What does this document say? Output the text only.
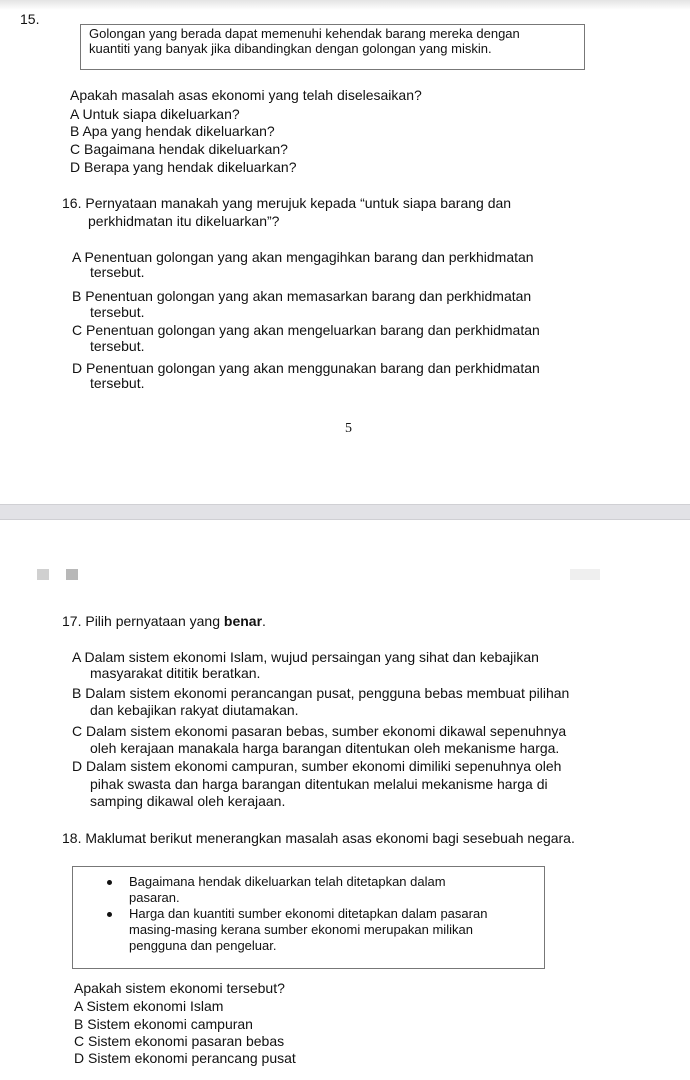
15.
Golongan yang berada dapat memenuhi kehendak barang mereka dengan
kuantiti yang banyak jika dibandingkan dengan golongan yang miskin.
Apakah masalah asas ekonomi yang telah diselesaikan?
A Untuk siapa dikeluarkan?
B Apa yang hendak dikeluarkan?
C Bagaimana hendak dikeluarkan?
D Berapa yang hendak dikeluarkan?
16. Pernyataan manakah yang merujuk kepada “untuk siapa barang dan
perkhidmatan itu dikeluarkan”?
A Penentuan golongan yang akan mengagihkan barang dan perkhidmatan
tersebut.
B Penentuan golongan yang akan memasarkan barang dan perkhidmatan
tersebut.
C Penentuan golongan yang akan mengeluarkan barang dan perkhidmatan
tersebut.
D Penentuan golongan yang akan menggunakan barang dan perkhidmatan
tersebut.
5
17. Pilih pernyataan yang benar.
A Dalam sistem ekonomi Islam, wujud persaingan yang sihat dan kebajikan
masyarakat dititik beratkan.
B Dalam sistem ekonomi perancangan pusat, pengguna bebas membuat pilihan
dan kebajikan rakyat diutamakan.
C Dalam sistem ekonomi pasaran bebas, sumber ekonomi dikawal sepenuhnya
oleh kerajaan manakala harga barangan ditentukan oleh mekanisme harga.
D Dalam sistem ekonomi campuran, sumber ekonomi dimiliki sepenuhnya oleh
pihak swasta dan harga barangan ditentukan melalui mekanisme harga di
samping dikawal oleh kerajaan.
18. Maklumat berikut menerangkan masalah asas ekonomi bagi sesebuah negara.
Bagaimana hendak dikeluarkan telah ditetapkan dalam
pasaran.
Harga dan kuantiti sumber ekonomi ditetapkan dalam pasaran
masing-masing kerana sumber ekonomi merupakan milikan
pengguna dan pengeluar.
Apakah sistem ekonomi tersebut?
A Sistem ekonomi Islam
B Sistem ekonomi campuran
C Sistem ekonomi pasaran bebas
D Sistem ekonomi perancang pusat
